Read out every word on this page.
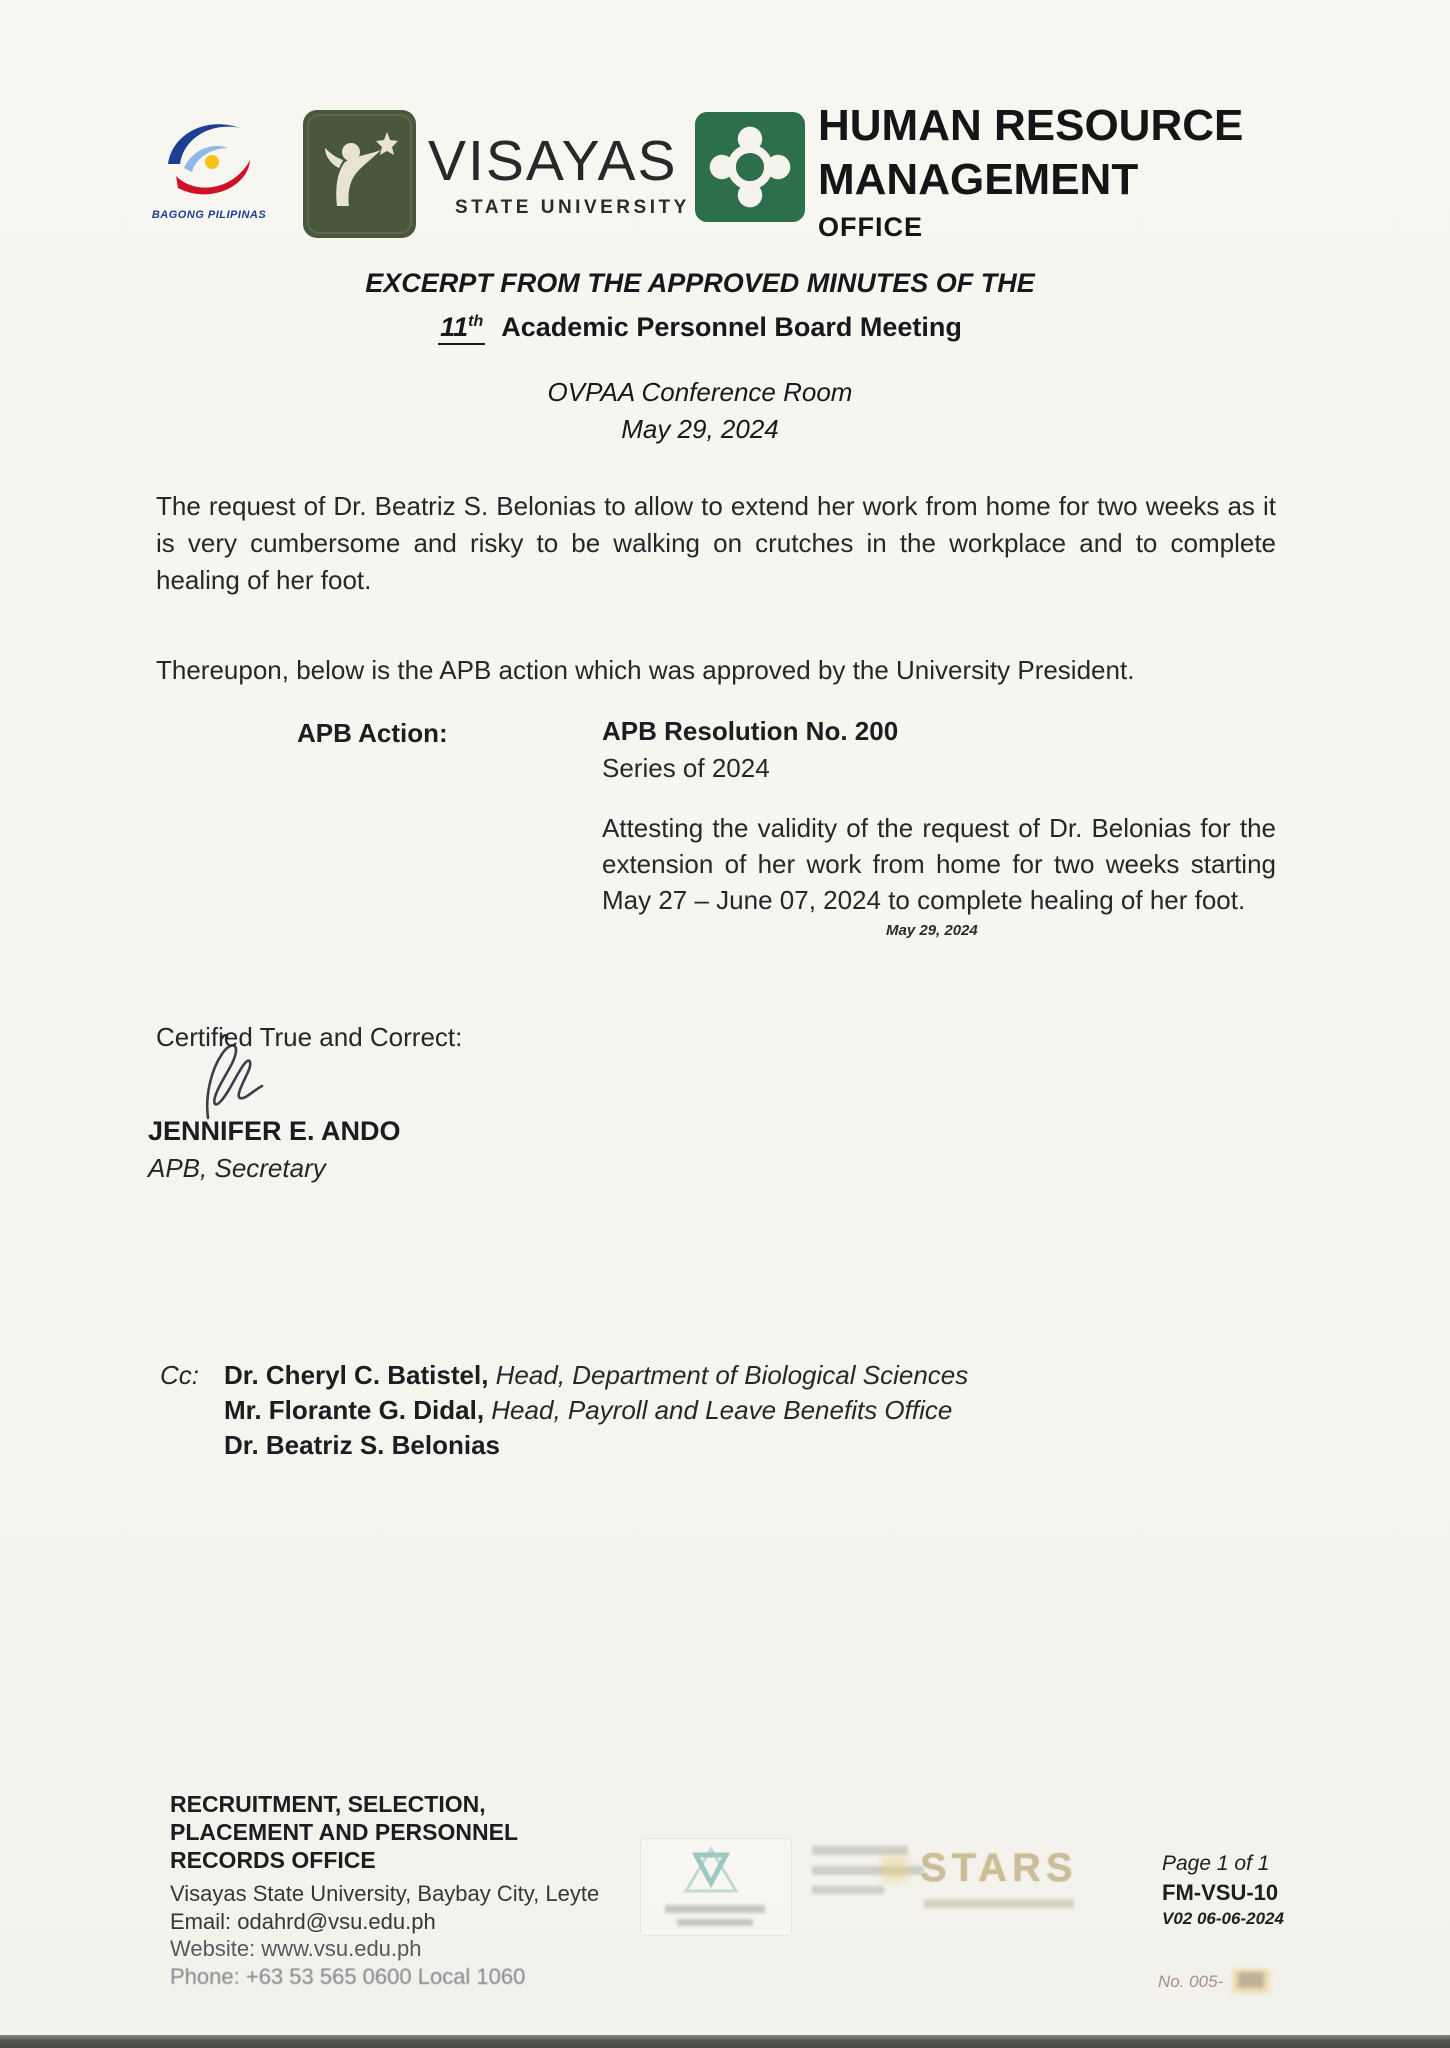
BAGONG PILIPINAS
VISAYAS
STATE UNIVERSITY
HUMAN RESOURCE
MANAGEMENT
OFFICE
EXCERPT FROM THE APPROVED MINUTES OF THE
11th Academic Personnel Board Meeting
OVPAA Conference Room
May 29, 2024
The request of Dr. Beatriz S. Belonias to allow to extend her work from home for two weeks as it is very cumbersome and risky to be walking on crutches in the workplace and to complete healing of her foot.
Thereupon, below is the APB action which was approved by the University President.
APB Action:	APB Resolution No. 200
Series of 2024
Attesting the validity of the request of Dr. Belonias for the extension of her work from home for two weeks starting May 27 – June 07, 2024 to complete healing of her foot.
May 29, 2024
Certified True and Correct:
JENNIFER E. ANDO
APB, Secretary
Cc: Dr. Cheryl C. Batistel, Head, Department of Biological Sciences
Mr. Florante G. Didal, Head, Payroll and Leave Benefits Office
Dr. Beatriz S. Belonias
RECRUITMENT, SELECTION,
PLACEMENT AND PERSONNEL
RECORDS OFFICE
Visayas State University, Baybay City, Leyte
Email: odahrd@vsu.edu.ph
Website: www.vsu.edu.ph
Phone: +63 53 565 0600 Local 1060
STARS	Page 1 of 1
FM-VSU-10
V02 06-06-2024
No. 005-
